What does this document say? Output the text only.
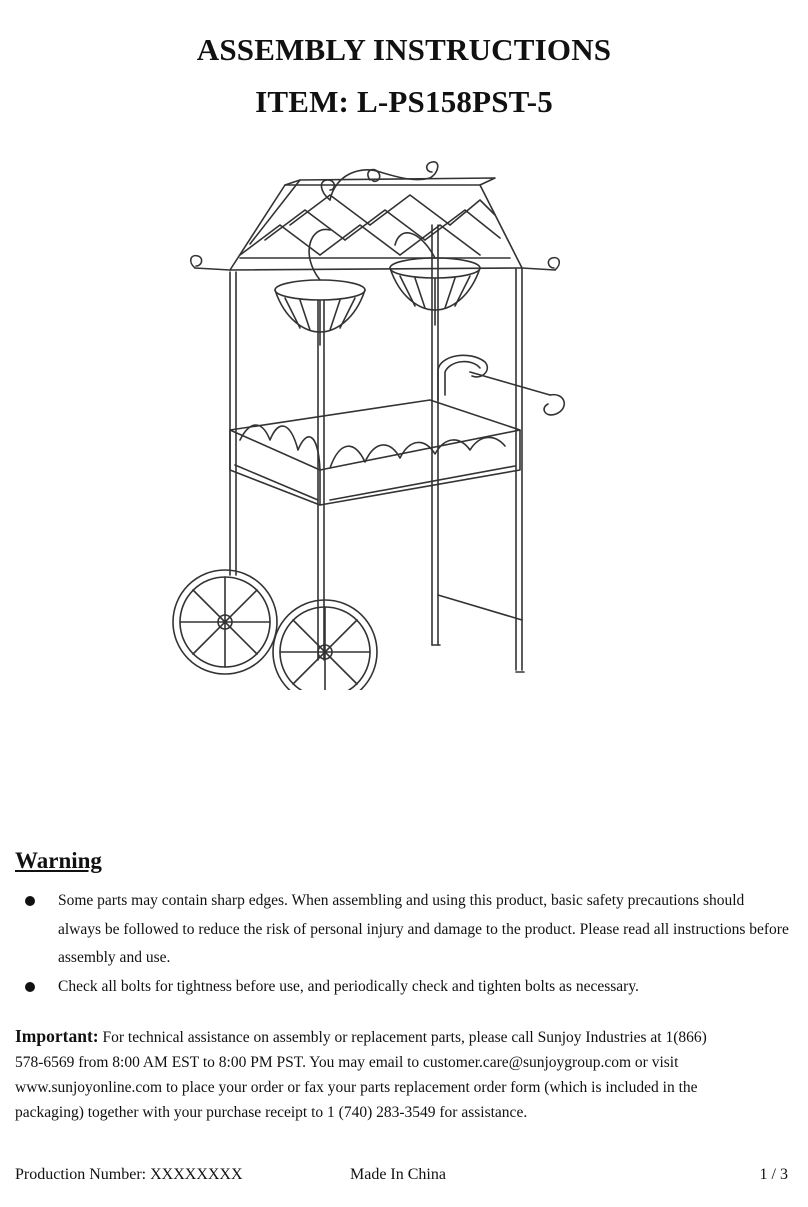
ASSEMBLY INSTRUCTIONS
ITEM: L-PS158PST-5
Warning
Some parts may contain sharp edges. When assembling and using this product, basic safety precautions should always be followed to reduce the risk of personal injury and damage to the product. Please read all instructions before assembly and use.
Check all bolts for tightness before use, and periodically check and tighten bolts as necessary.

Important: For technical assistance on assembly or replacement parts, please call Sunjoy Industries at 1(866) 578-6569 from 8:00 AM EST to 8:00 PM PST. You may email to customer.care@sunjoygroup.com or visit www.sunjoyonline.com to place your order or fax your parts replacement order form (which is included in the packaging) together with your purchase receipt to 1 (740) 283-3549 for assistance.

Production Number: XXXXXXXX	Made In China	1 / 3
